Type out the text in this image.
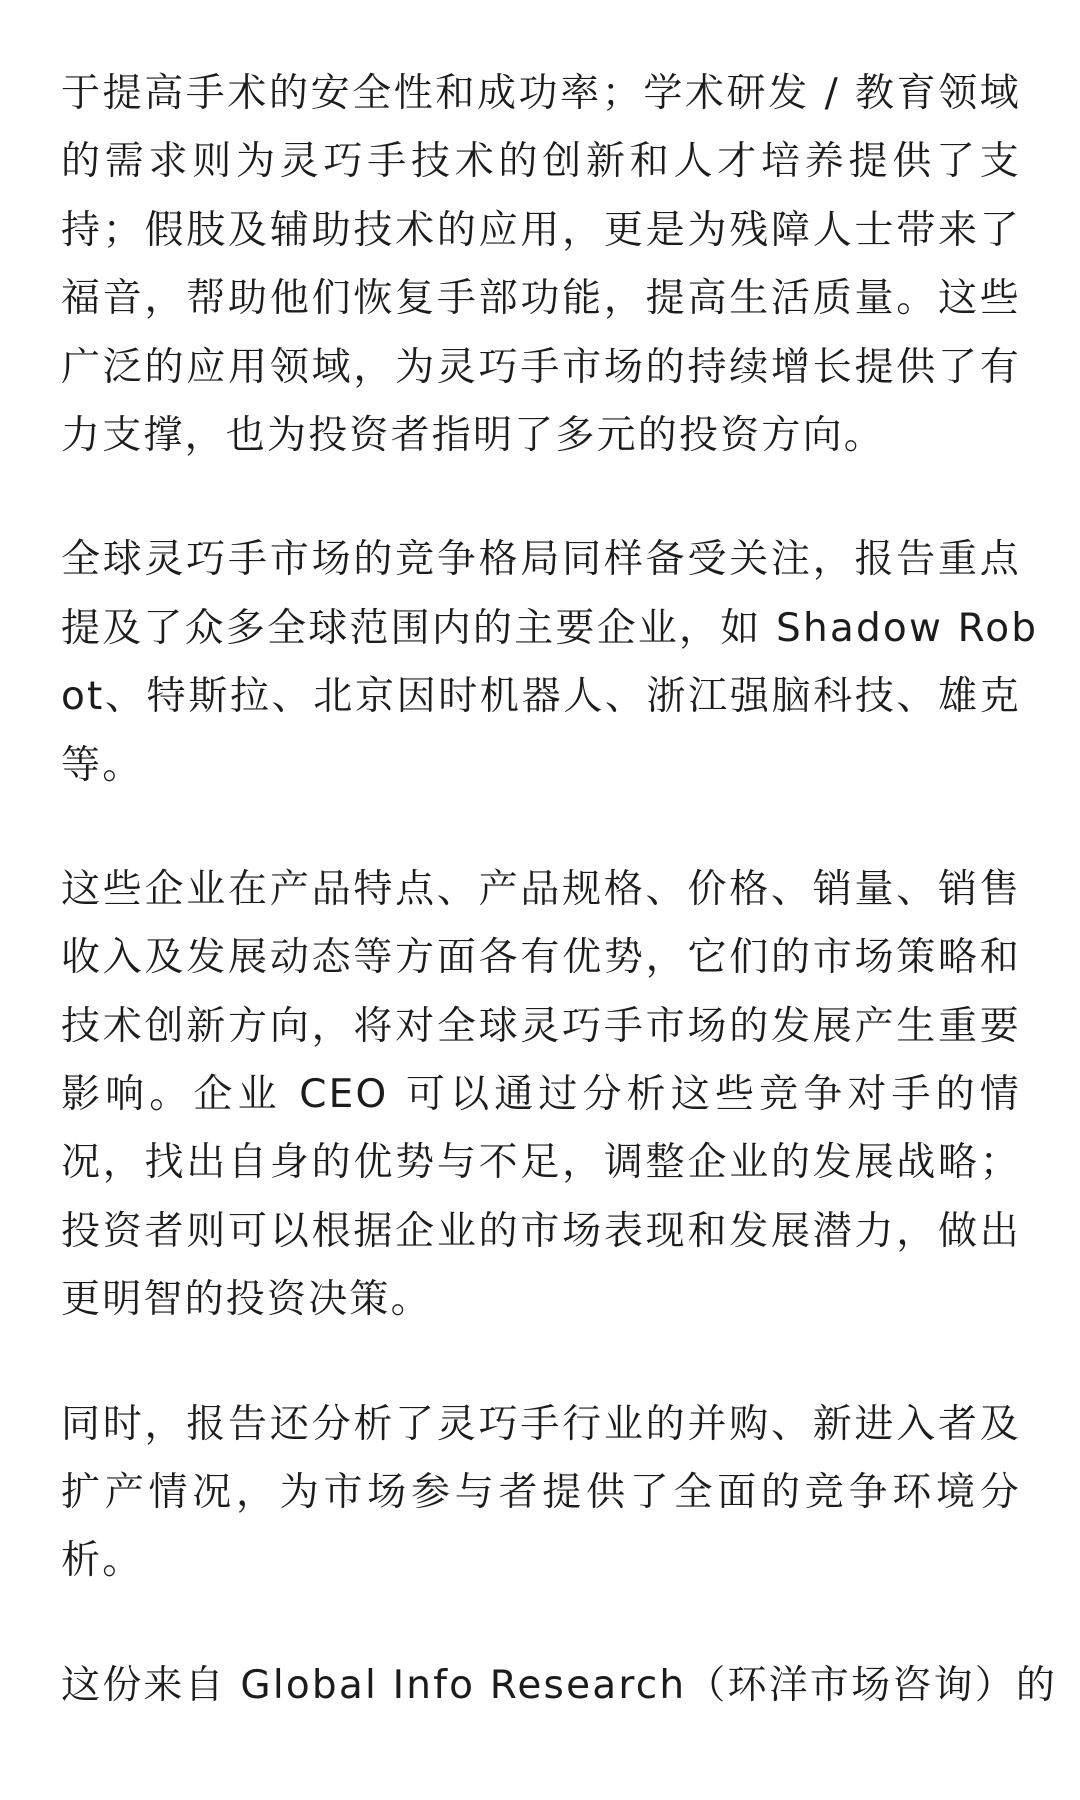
于提高手术的安全性和成功率；学术研发 / 教育领域
的需求则为灵巧手技术的创新和人才培养提供了支
持；假肢及辅助技术的应用，更是为残障人士带来了
福音，帮助他们恢复手部功能，提高生活质量。这些
广泛的应用领域，为灵巧手市场的持续增长提供了有
力支撑，也为投资者指明了多元的投资方向。
全球灵巧手市场的竞争格局同样备受关注，报告重点
提及了众多全球范围内的主要企业，如 Shadow Rob
ot、特斯拉、北京因时机器人、浙江强脑科技、雄克
等。
这些企业在产品特点、产品规格、价格、销量、销售
收入及发展动态等方面各有优势，它们的市场策略和
技术创新方向，将对全球灵巧手市场的发展产生重要
影响。企业 CEO 可以通过分析这些竞争对手的情
况，找出自身的优势与不足，调整企业的发展战略；
投资者则可以根据企业的市场表现和发展潜力，做出
更明智的投资决策。
同时，报告还分析了灵巧手行业的并购、新进入者及
扩产情况，为市场参与者提供了全面的竞争环境分
析。
这份来自 Global Info Research（环洋市场咨询）的
